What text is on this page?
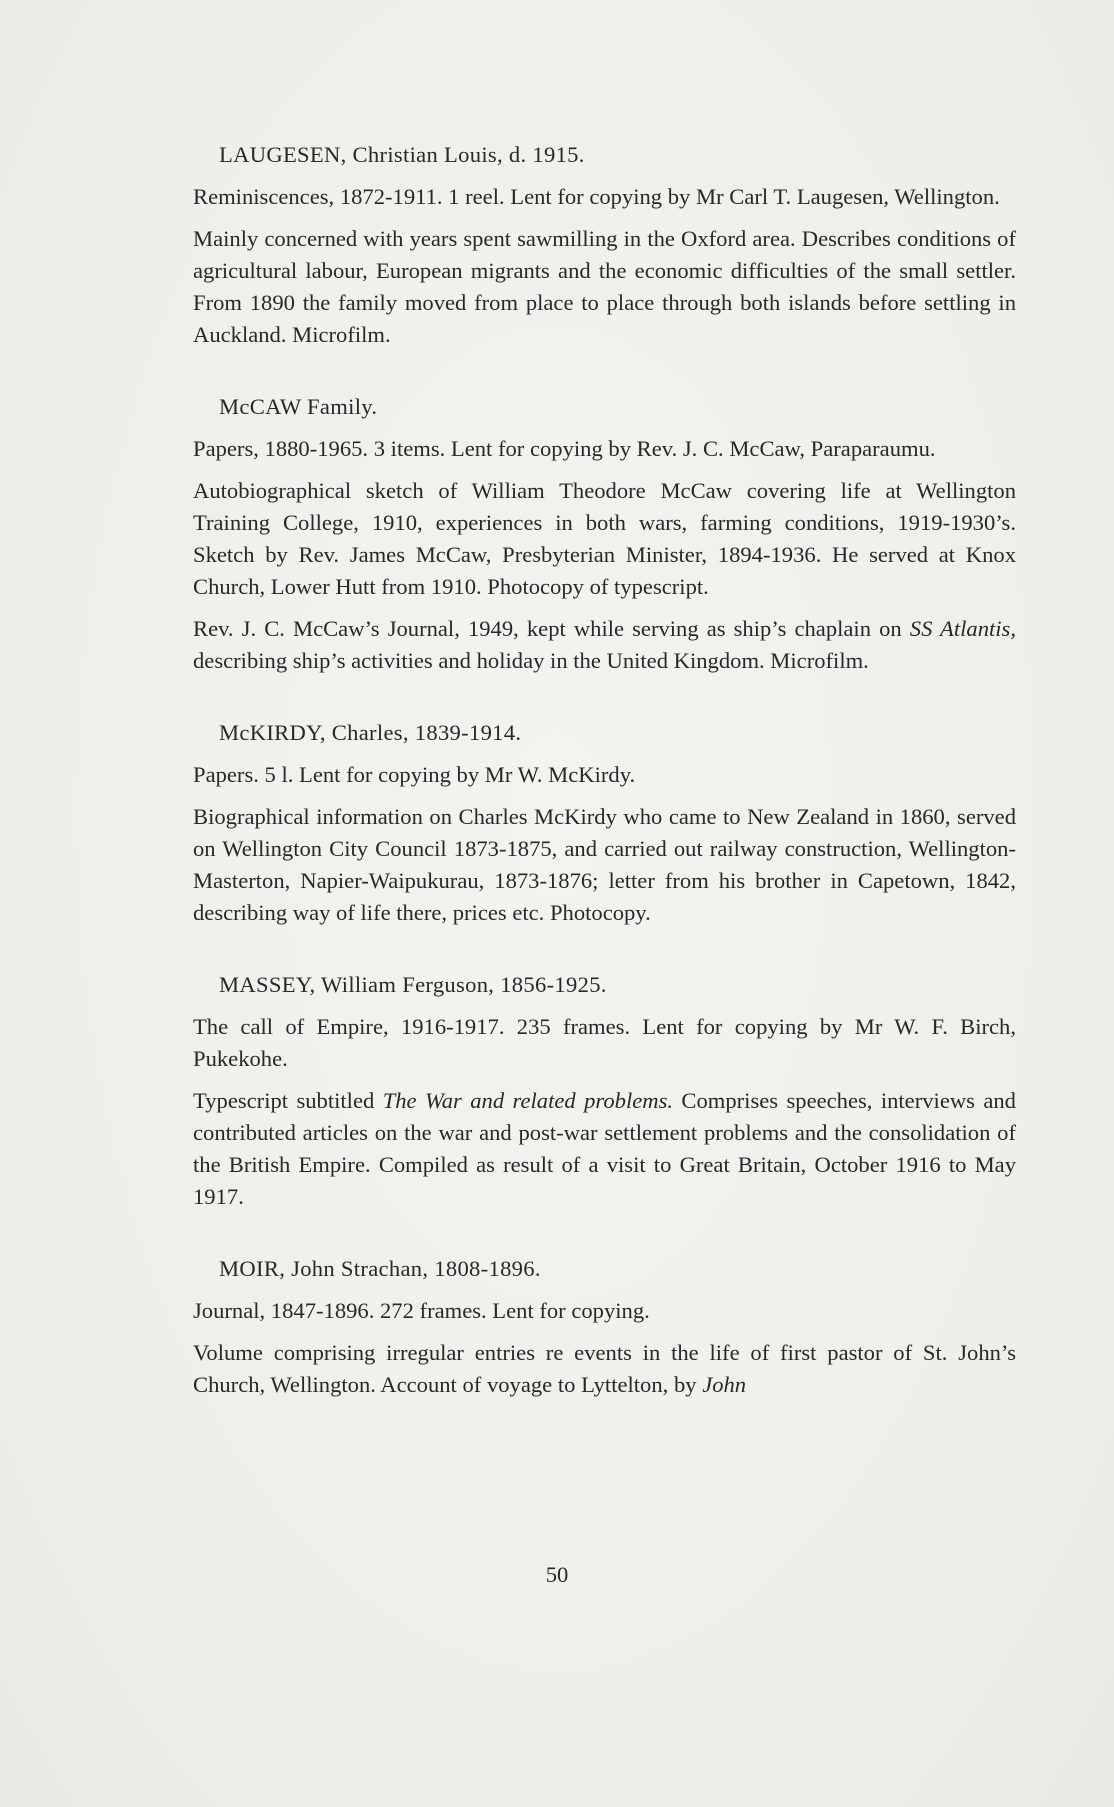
LAUGESEN, Christian Louis, d. 1915.
Reminiscences, 1872-1911. 1 reel. Lent for copying by Mr Carl T. Laugesen, Wellington.
Mainly concerned with years spent sawmilling in the Oxford area. Describes conditions of agricultural labour, European migrants and the economic difficulties of the small settler. From 1890 the family moved from place to place through both islands before settling in Auckland. Microfilm.
McCAW Family.
Papers, 1880-1965. 3 items. Lent for copying by Rev. J. C. McCaw, Paraparaumu.
Autobiographical sketch of William Theodore McCaw covering life at Wellington Training College, 1910, experiences in both wars, farming conditions, 1919-1930’s. Sketch by Rev. James McCaw, Presbyterian Minister, 1894-1936. He served at Knox Church, Lower Hutt from 1910. Photocopy of typescript.
Rev. J. C. McCaw’s Journal, 1949, kept while serving as ship’s chaplain on SS Atlantis, describing ship’s activities and holiday in the United Kingdom. Microfilm.
McKIRDY, Charles, 1839-1914.
Papers. 5 l. Lent for copying by Mr W. McKirdy.
Biographical information on Charles McKirdy who came to New Zealand in 1860, served on Wellington City Council 1873-1875, and carried out railway construction, Wellington-Masterton, Napier-Waipukurau, 1873-1876; letter from his brother in Capetown, 1842, describing way of life there, prices etc. Photocopy.
MASSEY, William Ferguson, 1856-1925.
The call of Empire, 1916-1917. 235 frames. Lent for copying by Mr W. F. Birch, Pukekohe.
Typescript subtitled The War and related problems. Comprises speeches, interviews and contributed articles on the war and post-war settlement problems and the consolidation of the British Empire. Compiled as result of a visit to Great Britain, October 1916 to May 1917.
MOIR, John Strachan, 1808-1896.
Journal, 1847-1896. 272 frames. Lent for copying.
Volume comprising irregular entries re events in the life of first pastor of St. John’s Church, Wellington. Account of voyage to Lyttelton, by John
50
